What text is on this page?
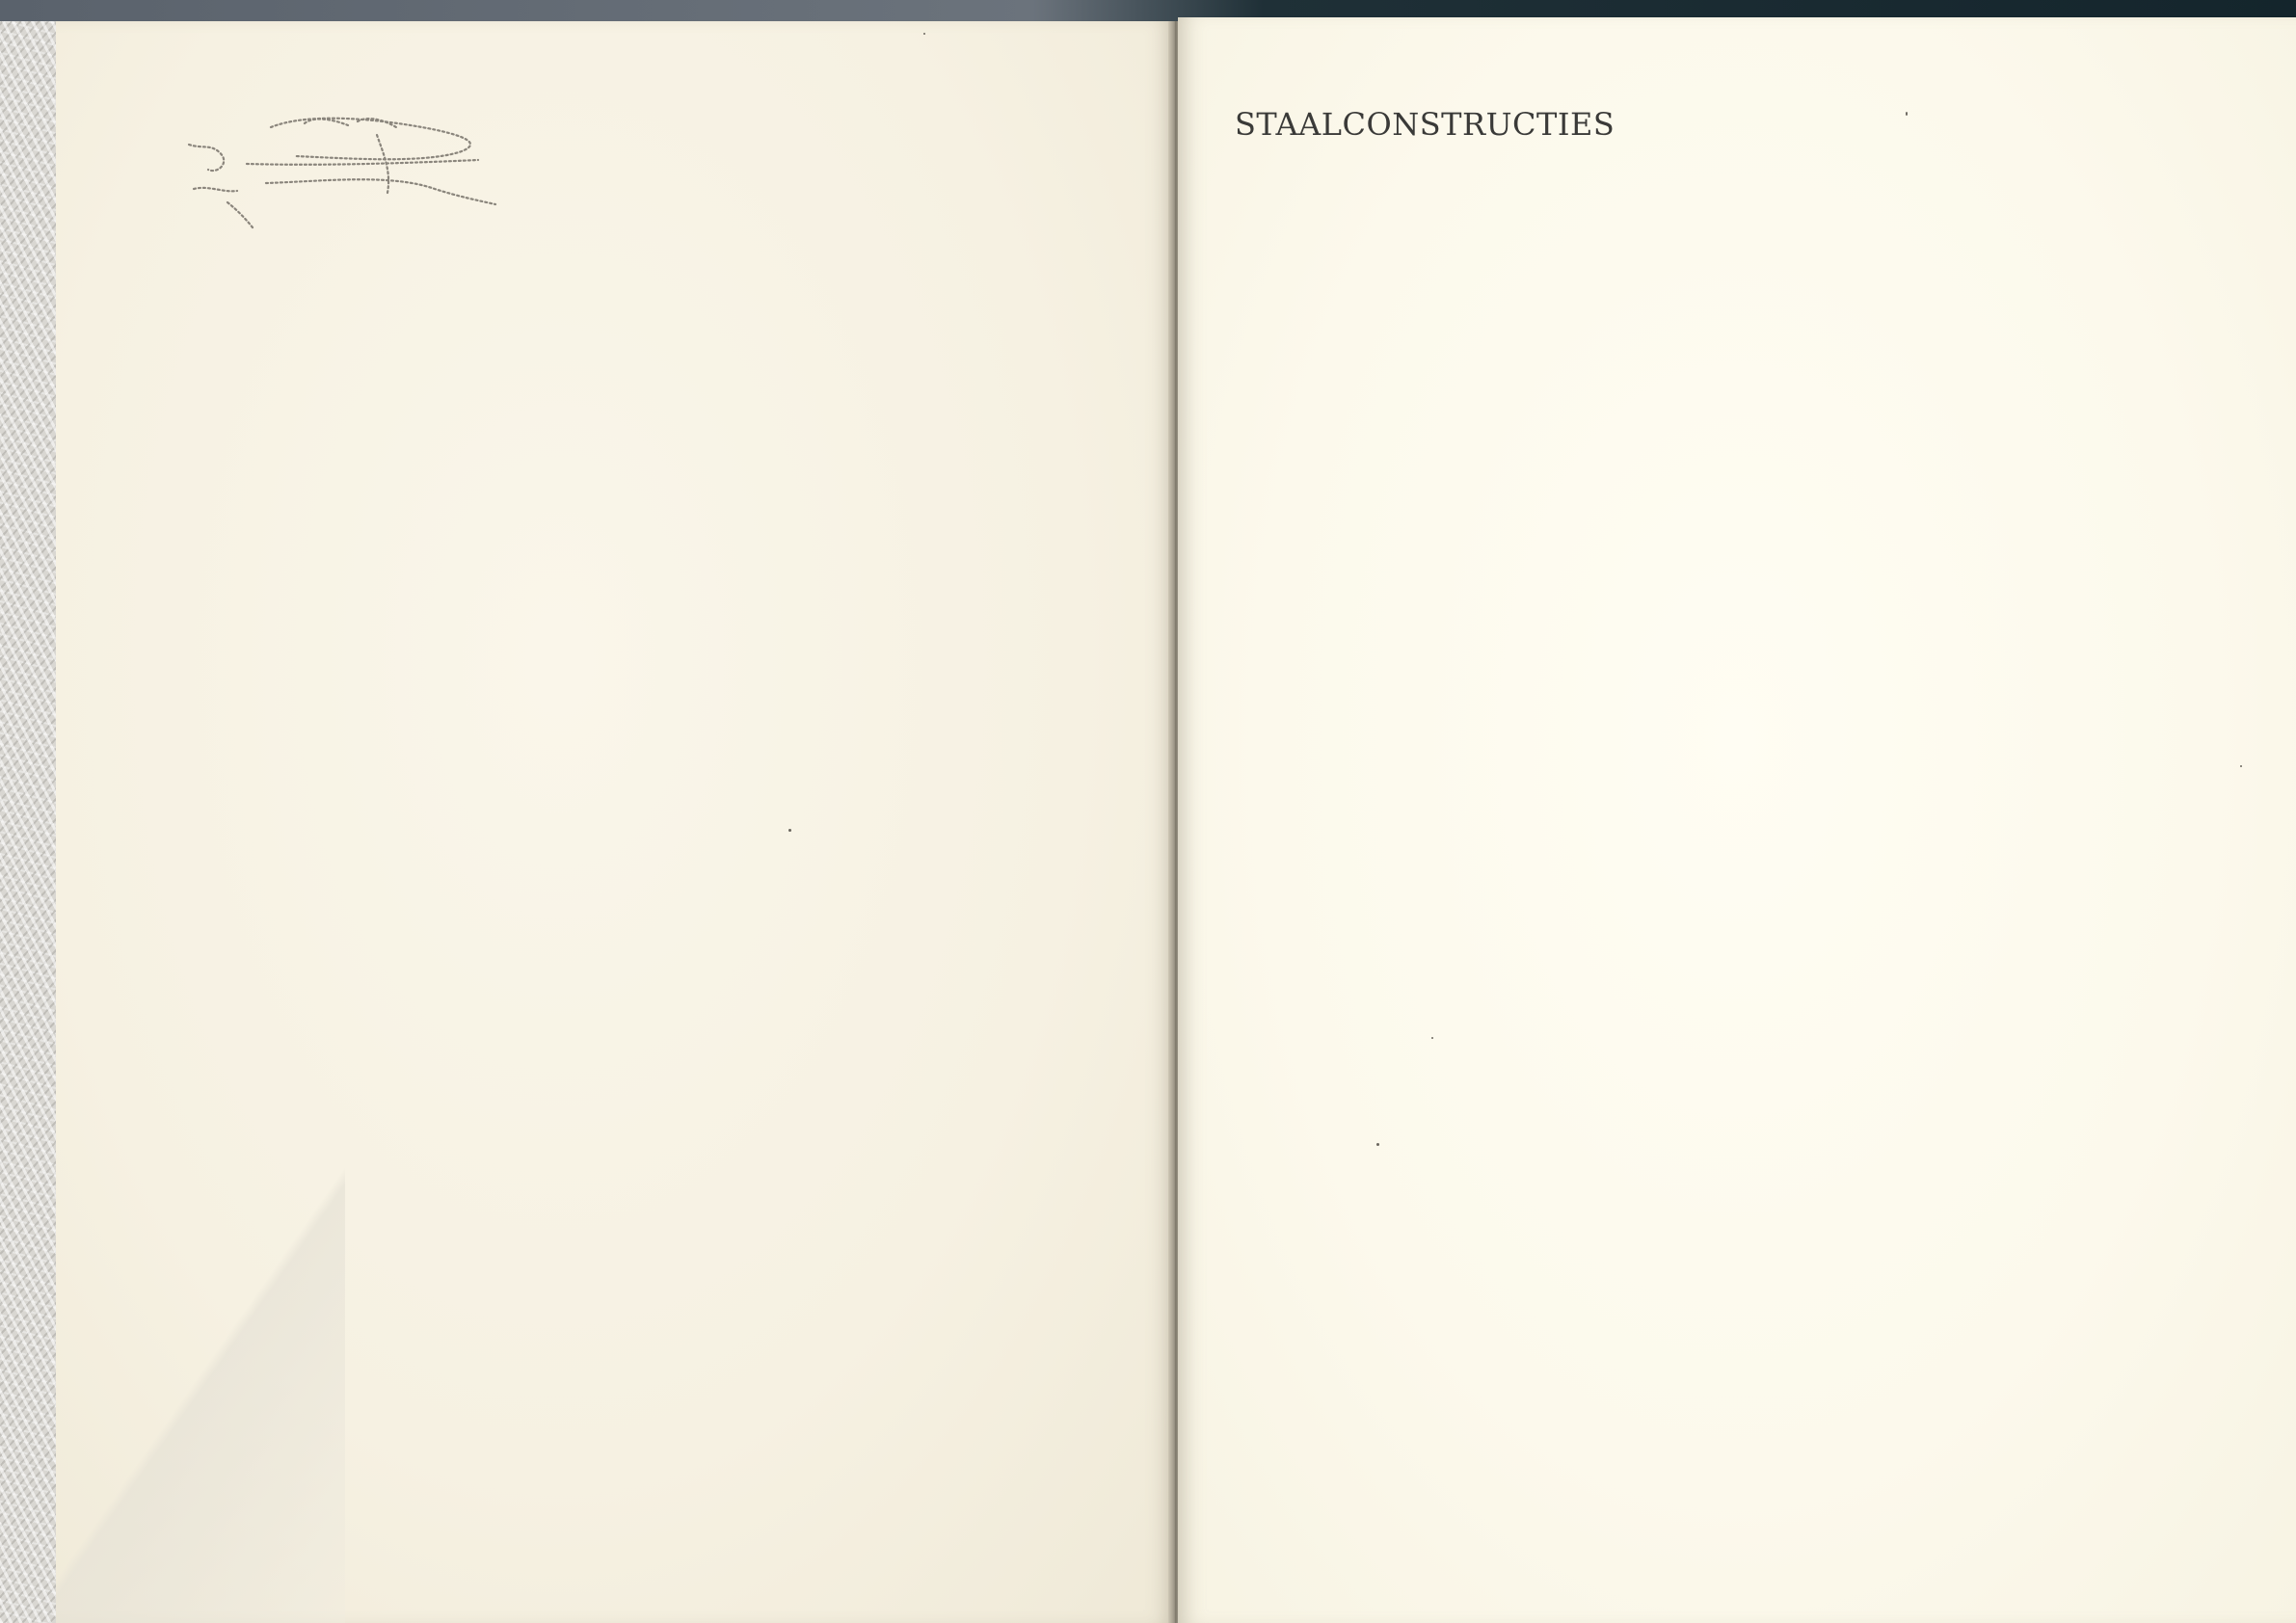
STAALCONSTRUCTIES
